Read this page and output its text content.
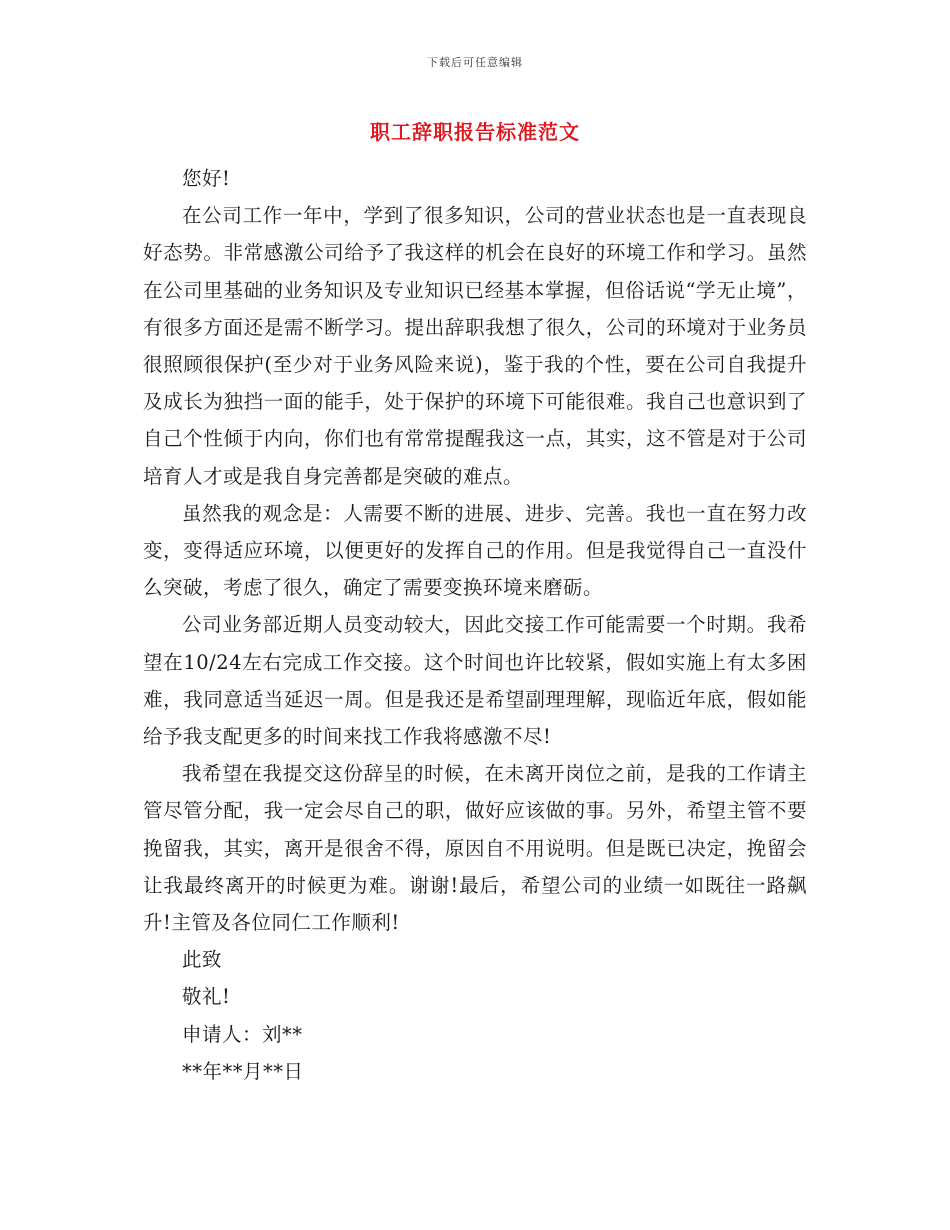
下载后可任意编辑
职工辞职报告标准范文

您好!

在公司工作一年中，学到了很多知识，公司的营业状态也是一直表现良好态势。非常感激公司给予了我这样的机会在良好的环境工作和学习。虽然在公司里基础的业务知识及专业知识已经基本掌握，但俗话说“学无止境”，有很多方面还是需不断学习。提出辞职我想了很久，公司的环境对于业务员很照顾很保护(至少对于业务风险来说)，鉴于我的个性，要在公司自我提升及成长为独挡一面的能手，处于保护的环境下可能很难。我自己也意识到了自己个性倾于内向，你们也有常常提醒我这一点，其实，这不管是对于公司培育人才或是我自身完善都是突破的难点。

虽然我的观念是：人需要不断的进展、进步、完善。我也一直在努力改变，变得适应环境，以便更好的发挥自己的作用。但是我觉得自己一直没什么突破，考虑了很久，确定了需要变换环境来磨砺。

公司业务部近期人员变动较大，因此交接工作可能需要一个时期。我希望在10/24左右完成工作交接。这个时间也许比较紧，假如实施上有太多困难，我同意适当延迟一周。但是我还是希望副理理解，现临近年底，假如能给予我支配更多的时间来找工作我将感激不尽!

我希望在我提交这份辞呈的时候，在未离开岗位之前，是我的工作请主管尽管分配，我一定会尽自己的职，做好应该做的事。另外，希望主管不要挽留我，其实，离开是很舍不得，原因自不用说明。但是既已决定，挽留会让我最终离开的时候更为难。谢谢!最后，希望公司的业绩一如既往一路飙升!主管及各位同仁工作顺利!

此致

敬礼!

申请人：刘**

**年**月**日
